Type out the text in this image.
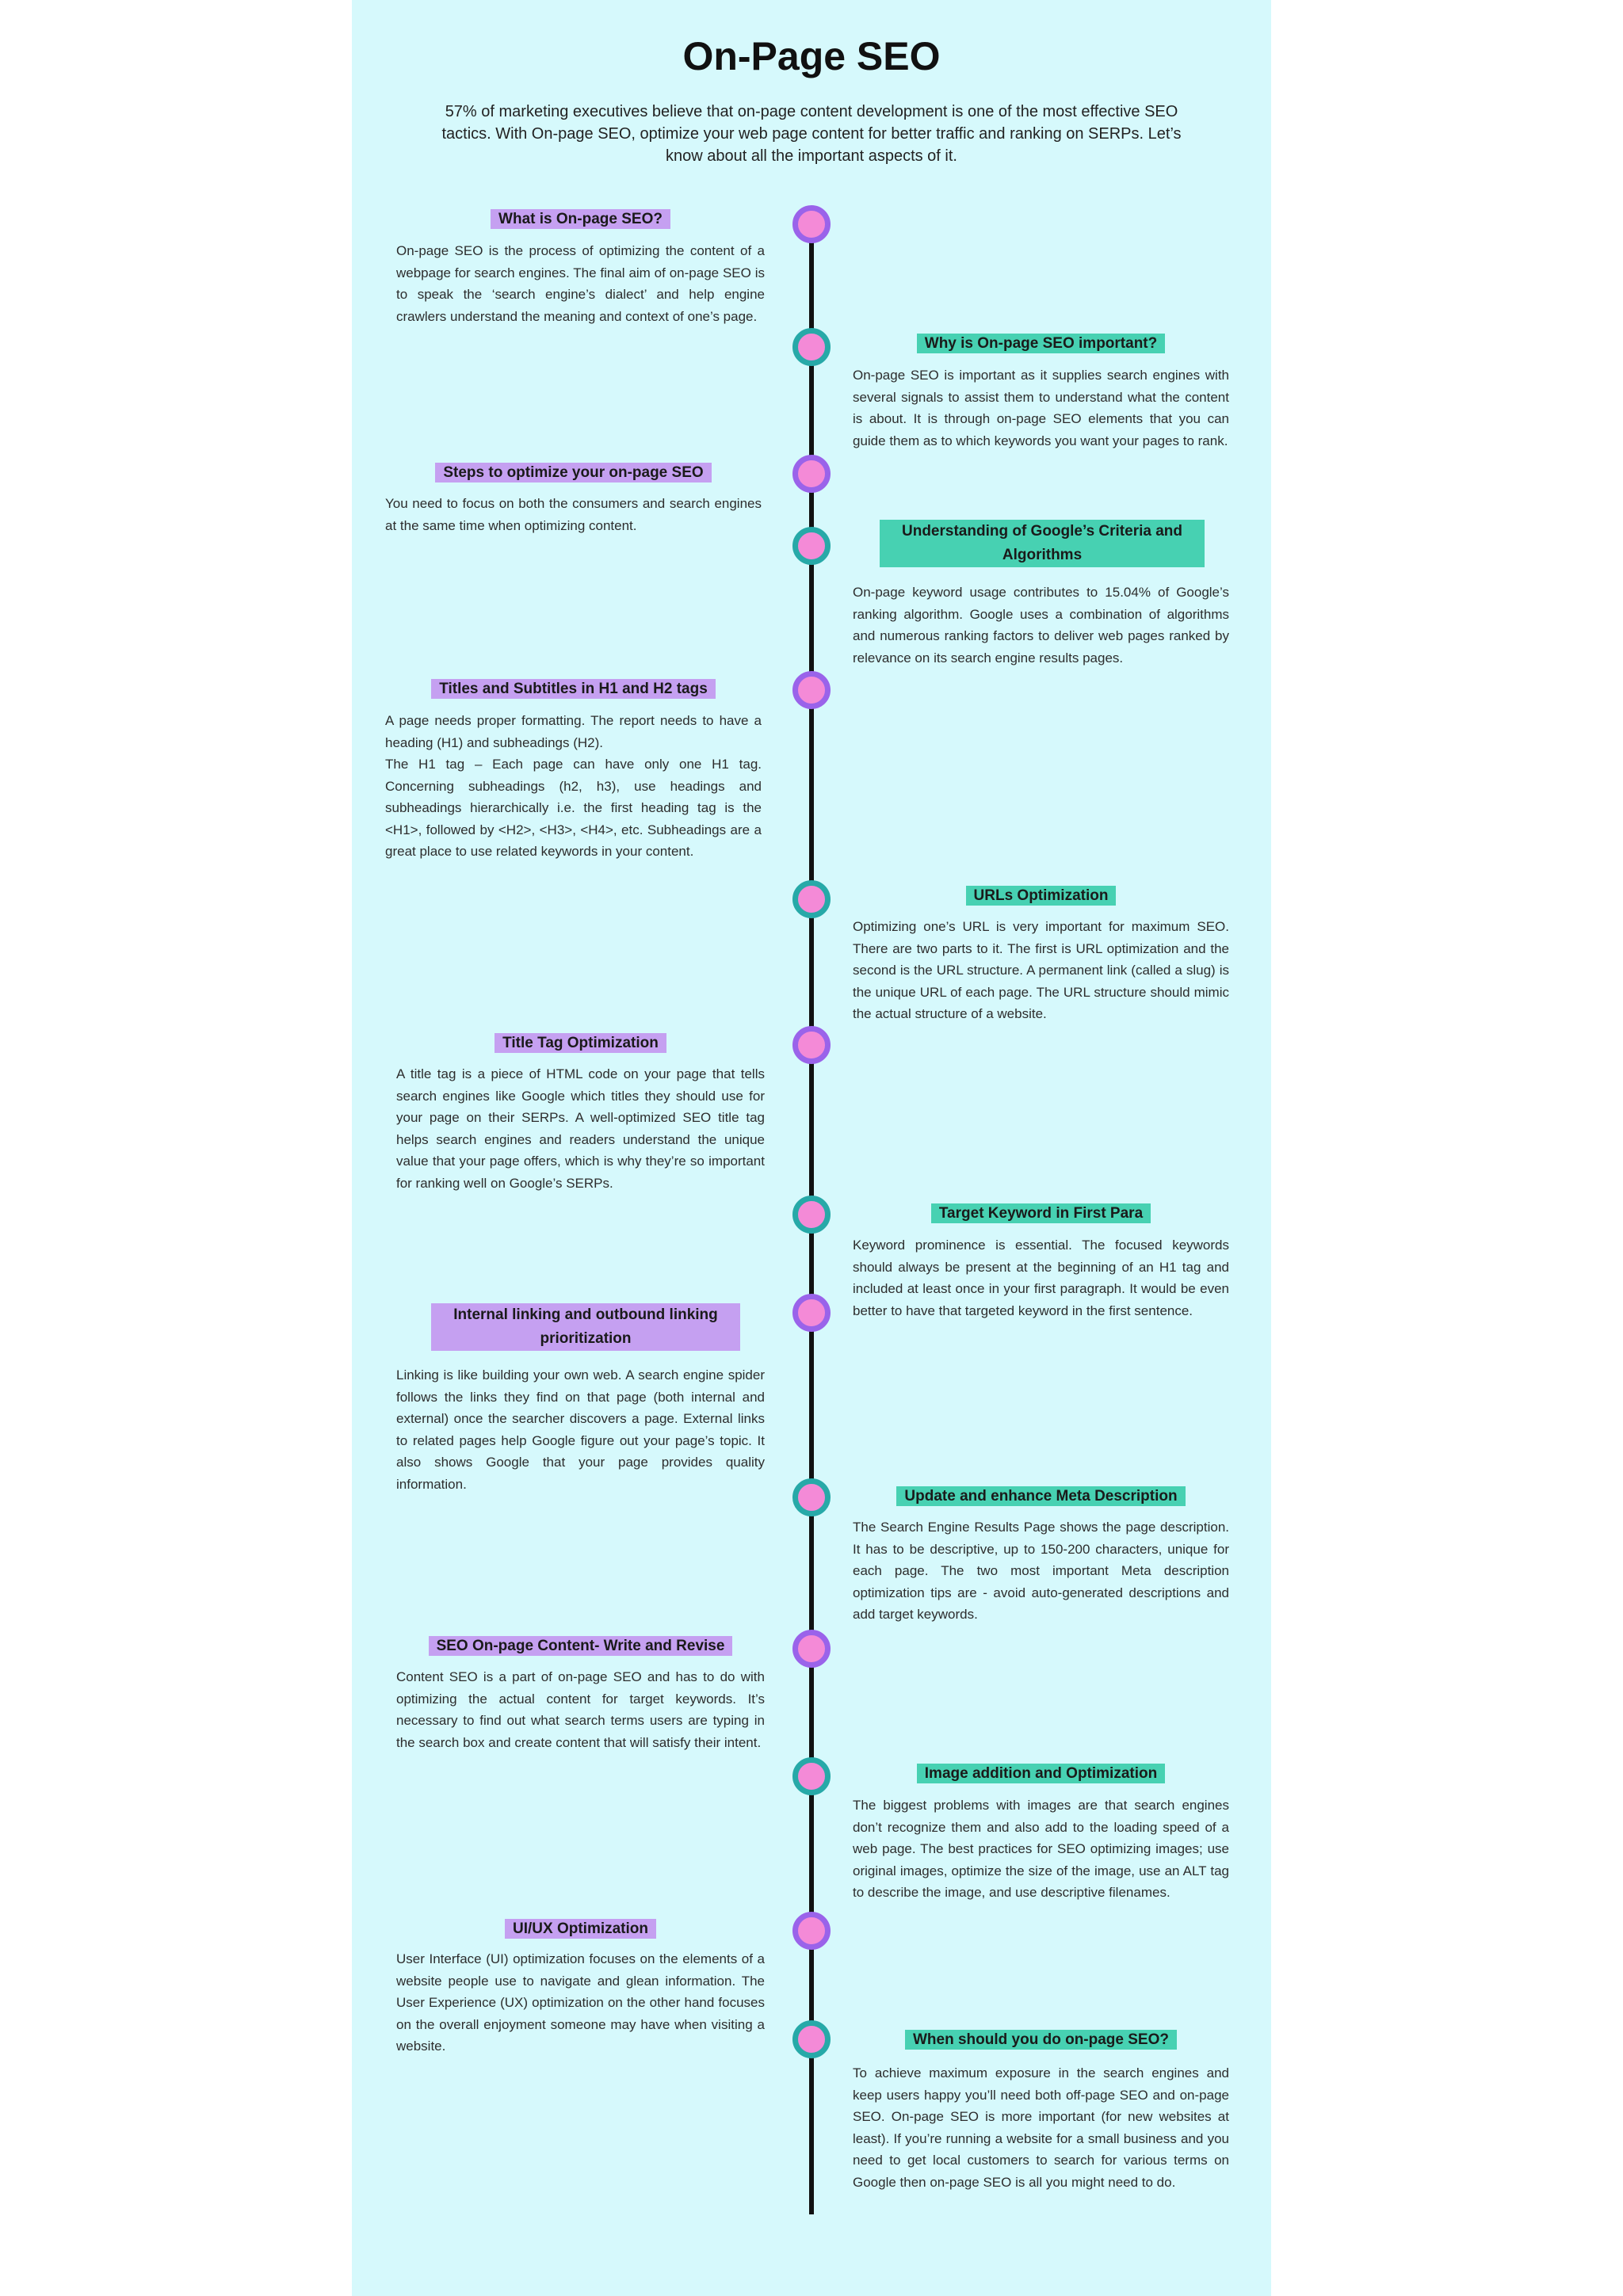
On-Page SEO

57% of marketing executives believe that on-page content development is one of the most effective SEO tactics. With On-page SEO, optimize your web page content for better traffic and ranking on SERPs. Let’s know about all the important aspects of it.

What is On-page SEO?

On-page SEO is the process of optimizing the content of a webpage for search engines. The final aim of on-page SEO is to speak the ‘search engine’s dialect’ and help engine crawlers understand the meaning and context of one’s page.

Why is On-page SEO important?

On-page SEO is important as it supplies search engines with several signals to assist them to understand what the content is about. It is through on-page SEO elements that you can guide them as to which keywords you want your pages to rank.

Steps to optimize your on-page SEO

You need to focus on both the consumers and search engines at the same time when optimizing content.	Understanding of Google’s Criteria and Algorithms

On-page keyword usage contributes to 15.04% of Google’s ranking algorithm. Google uses a combination of algorithms and numerous ranking factors to deliver web pages ranked by relevance on its search engine results pages.

Titles and Subtitles in H1 and H2 tags

A page needs proper formatting. The report needs to have a heading (H1) and subheadings (H2).
The H1 tag – Each page can have only one H1 tag. Concerning subheadings (h2, h3), use headings and subheadings hierarchically i.e. the first heading tag is the <H1>, followed by <H2>, <H3>, <H4>, etc. Subheadings are a great place to use related keywords in your content.

URLs Optimization

Optimizing one’s URL is very important for maximum SEO. There are two parts to it. The first is URL optimization and the second is the URL structure. A permanent link (called a slug) is the unique URL of each page. The URL structure should mimic the actual structure of a website.

Title Tag Optimization

A title tag is a piece of HTML code on your page that tells search engines like Google which titles they should use for your page on their SERPs. A well-optimized SEO title tag helps search engines and readers understand the unique value that your page offers, which is why they’re so important for ranking well on Google’s SERPs.

Target Keyword in First Para

Keyword prominence is essential. The focused keywords should always be present at the beginning of an H1 tag and included at least once in your first paragraph. It would be even better to have that targeted keyword in the first sentence.

Internal linking and outbound linking prioritization

Linking is like building your own web. A search engine spider follows the links they find on that page (both internal and external) once the searcher discovers a page. External links to related pages help Google figure out your page’s topic. It also shows Google that your page provides quality information.

Update and enhance Meta Description

The Search Engine Results Page shows the page description. It has to be descriptive, up to 150-200 characters, unique for each page. The two most important Meta description optimization tips are - avoid auto-generated descriptions and add target keywords.

SEO On-page Content- Write and Revise

Content SEO is a part of on-page SEO and has to do with optimizing the actual content for target keywords. It’s necessary to find out what search terms users are typing in the search box and create content that will satisfy their intent.

Image addition and Optimization

The biggest problems with images are that search engines don’t recognize them and also add to the loading speed of a web page. The best practices for SEO optimizing images; use original images, optimize the size of the image, use an ALT tag to describe the image, and use descriptive filenames.

UI/UX Optimization

User Interface (UI) optimization focuses on the elements of a website people use to navigate and glean information. The User Experience (UX) optimization on the other hand focuses on the overall enjoyment someone may have when visiting a website.	When should you do on-page SEO?

To achieve maximum exposure in the search engines and keep users happy you’ll need both off-page SEO and on-page SEO. On-page SEO is more important (for new websites at least). If you’re running a website for a small business and you need to get local customers to search for various terms on Google then on-page SEO is all you might need to do.
